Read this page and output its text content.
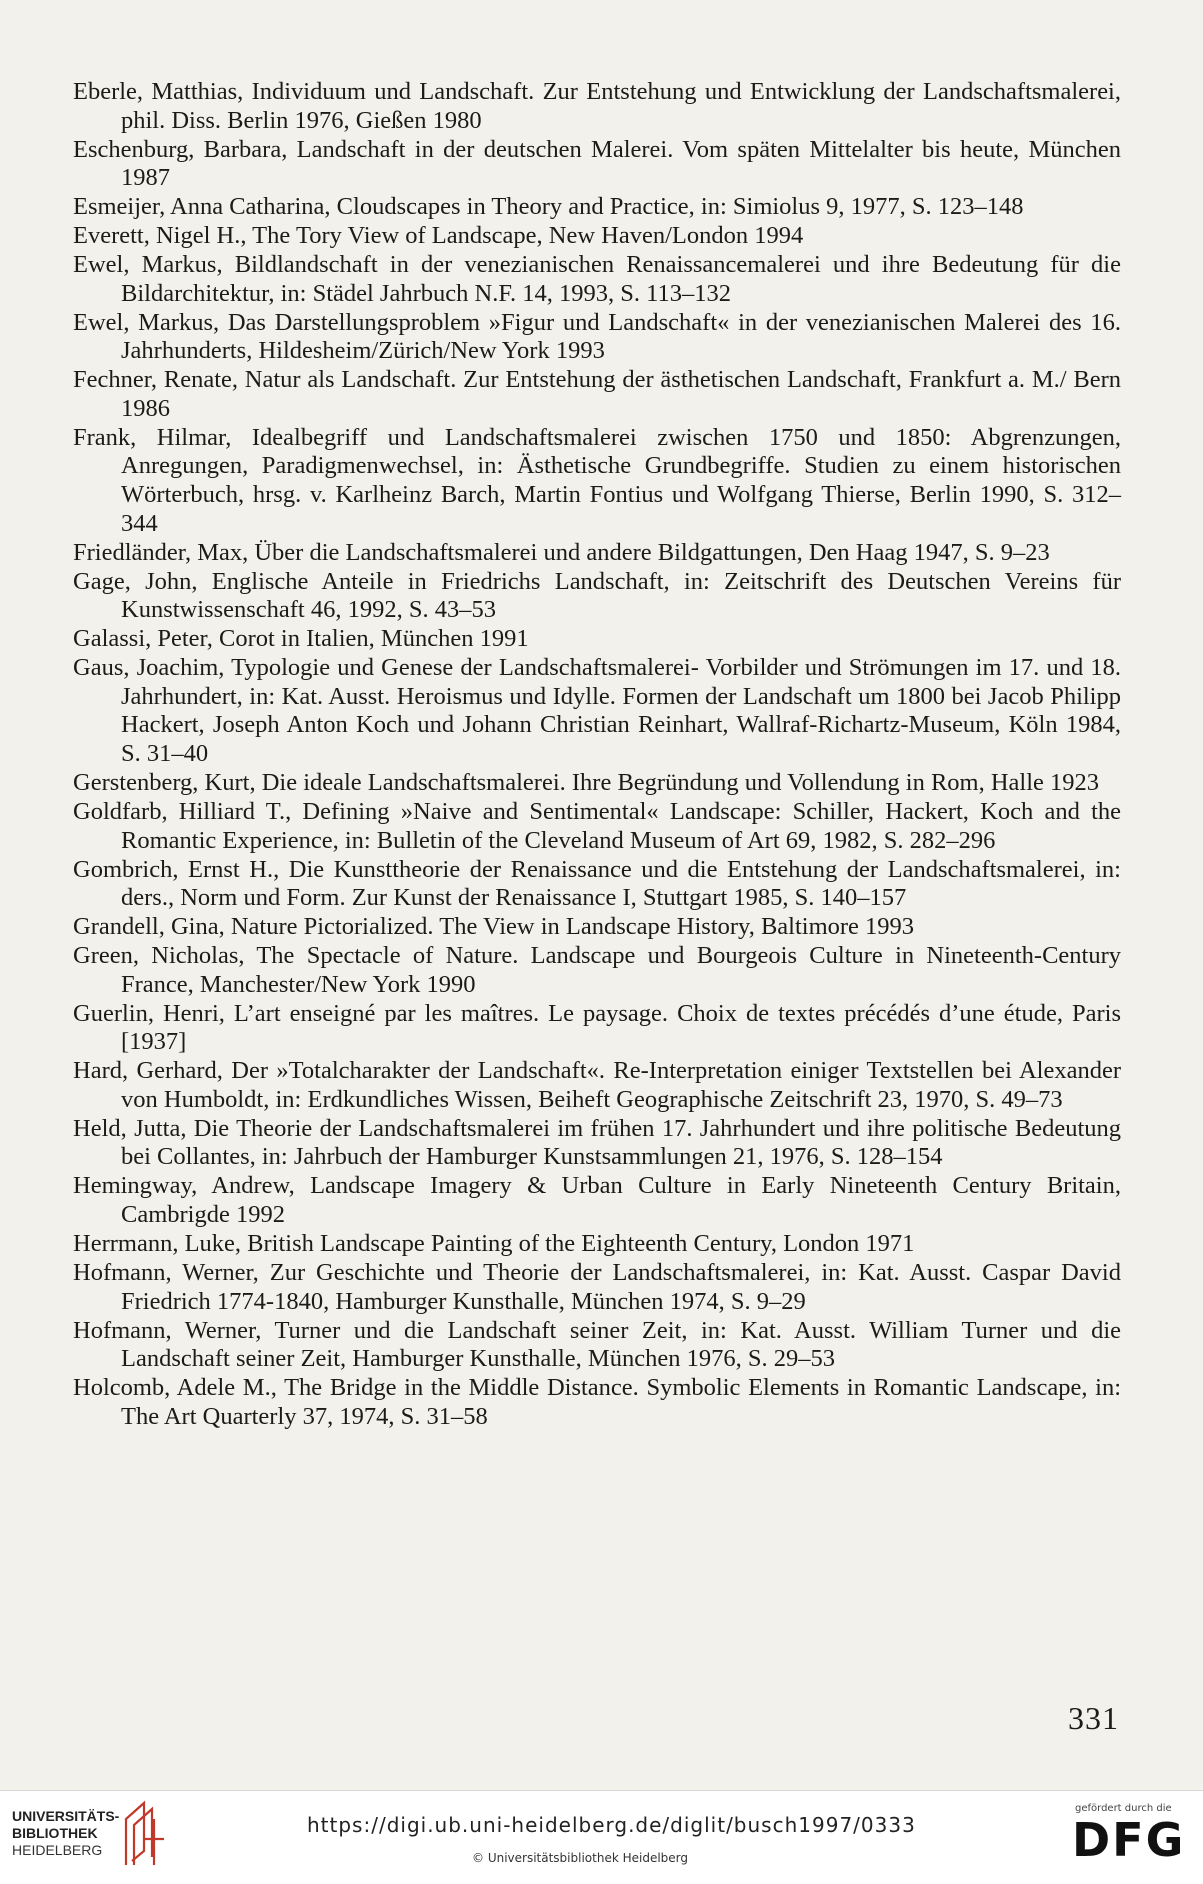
Eberle, Matthias, Individuum und Landschaft. Zur Entstehung und Entwicklung der Landschaftsmalerei, phil. Diss. Berlin 1976, Gießen 1980

Eschenburg, Barbara, Landschaft in der deutschen Malerei. Vom späten Mittelalter bis heute, München 1987

Esmeijer, Anna Catharina, Cloudscapes in Theory and Practice, in: Simiolus 9, 1977, S. 123–148

Everett, Nigel H., The Tory View of Landscape, New Haven/London 1994

Ewel, Markus, Bildlandschaft in der venezianischen Renaissancemalerei und ihre Bedeutung für die Bildarchitektur, in: Städel Jahrbuch N.F. 14, 1993, S. 113–132

Ewel, Markus, Das Darstellungsproblem »Figur und Landschaft« in der venezianischen Malerei des 16. Jahrhunderts, Hildesheim/Zürich/New York 1993

Fechner, Renate, Natur als Landschaft. Zur Entstehung der ästhetischen Landschaft, Frankfurt a. M./ Bern 1986

Frank, Hilmar, Idealbegriff und Landschaftsmalerei zwischen 1750 und 1850: Abgrenzungen, Anregungen, Paradigmenwechsel, in: Ästhetische Grundbegriffe. Studien zu einem historischen Wörterbuch, hrsg. v. Karlheinz Barch, Martin Fontius und Wolfgang Thierse, Berlin 1990, S. 312–344

Friedländer, Max, Über die Landschaftsmalerei und andere Bildgattungen, Den Haag 1947, S. 9–23

Gage, John, Englische Anteile in Friedrichs Landschaft, in: Zeitschrift des Deutschen Vereins für Kunstwissenschaft 46, 1992, S. 43–53

Galassi, Peter, Corot in Italien, München 1991

Gaus, Joachim, Typologie und Genese der Landschaftsmalerei- Vorbilder und Strömungen im 17. und 18. Jahrhundert, in: Kat. Ausst. Heroismus und Idylle. Formen der Landschaft um 1800 bei Jacob Philipp Hackert, Joseph Anton Koch und Johann Christian Reinhart, Wallraf-Richartz-Museum, Köln 1984, S. 31–40

Gerstenberg, Kurt, Die ideale Landschaftsmalerei. Ihre Begründung und Vollendung in Rom, Halle 1923

Goldfarb, Hilliard T., Defining »Naive and Sentimental« Landscape: Schiller, Hackert, Koch and the Romantic Experience, in: Bulletin of the Cleveland Museum of Art 69, 1982, S. 282–296

Gombrich, Ernst H., Die Kunsttheorie der Renaissance und die Entstehung der Landschaftsmalerei, in: ders., Norm und Form. Zur Kunst der Renaissance I, Stuttgart 1985, S. 140–157

Grandell, Gina, Nature Pictorialized. The View in Landscape History, Baltimore 1993

Green, Nicholas, The Spectacle of Nature. Landscape und Bourgeois Culture in Nineteenth-Century France, Manchester/New York 1990

Guerlin, Henri, L’art enseigné par les maîtres. Le paysage. Choix de textes précédés d’une étude, Paris [1937]

Hard, Gerhard, Der »Totalcharakter der Landschaft«. Re-Interpretation einiger Textstellen bei Alexander von Humboldt, in: Erdkundliches Wissen, Beiheft Geographische Zeitschrift 23, 1970, S. 49–73

Held, Jutta, Die Theorie der Landschaftsmalerei im frühen 17. Jahrhundert und ihre politische Bedeutung bei Collantes, in: Jahrbuch der Hamburger Kunstsammlungen 21, 1976, S. 128–154

Hemingway, Andrew, Landscape Imagery & Urban Culture in Early Nineteenth Century Britain, Cambrigde 1992

Herrmann, Luke, British Landscape Painting of the Eighteenth Century, London 1971

Hofmann, Werner, Zur Geschichte und Theorie der Landschaftsmalerei, in: Kat. Ausst. Caspar David Friedrich 1774-1840, Hamburger Kunsthalle, München 1974, S. 9–29

Hofmann, Werner, Turner und die Landschaft seiner Zeit, in: Kat. Ausst. William Turner und die Landschaft seiner Zeit, Hamburger Kunsthalle, München 1976, S. 29–53

Holcomb, Adele M., The Bridge in the Middle Distance. Symbolic Elements in Romantic Landscape, in: The Art Quarterly 37, 1974, S. 31–58

331
UNIVERSITÄTS-
BIBLIOTHEK
HEIDELBERG
https://digi.ub.uni-heidelberg.de/diglit/busch1997/0333
© Universitätsbibliothek Heidelberg
gefördert durch die
DFG
